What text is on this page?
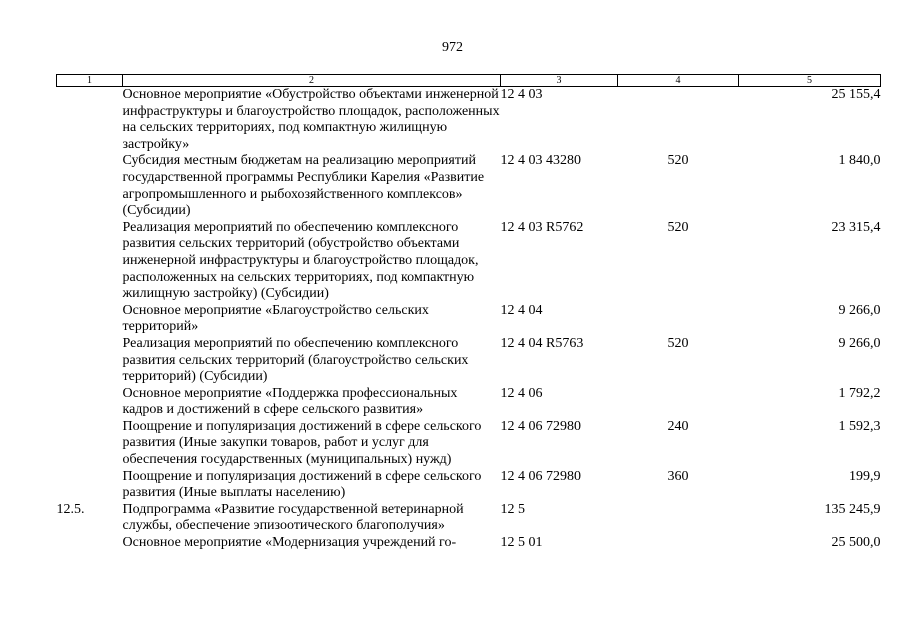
972
1	2	3	4	5
	Основное мероприятие «Обустройство объектами инженерной инфраструктуры и благоустройство площадок, расположенных на сельских территориях, под компактную жилищную застройку»	12 4 03		25 155,4
	Субсидия местным бюджетам на реализацию мероприятий государственной программы Республики Карелия «Развитие агропромышленного и рыбохозяйственного комплексов» (Субсидии)	12 4 03 43280	520	1 840,0
	Реализация мероприятий по обеспечению комплексного развития сельских территорий (обустройство объектами инженерной инфраструктуры и благоустройство площадок, расположенных на сельских территориях, под компактную жилищную застройку) (Субсидии)	12 4 03 R5762	520	23 315,4
	Основное мероприятие «Благоустройство сельских территорий»	12 4 04		9 266,0
	Реализация мероприятий по обеспечению комплексного развития сельских территорий (благоустройство сельских территорий) (Субсидии)	12 4 04 R5763	520	9 266,0
	Основное мероприятие «Поддержка профессиональных кадров и достижений в сфере сельского развития»	12 4 06		1 792,2
	Поощрение и популяризация достижений в сфере сельского развития (Иные закупки товаров, работ и услуг для обеспечения государственных (муниципальных) нужд)	12 4 06 72980	240	1 592,3
	Поощрение и популяризация достижений в сфере сельского развития (Иные выплаты населению)	12 4 06 72980	360	199,9
12.5.	Подпрограмма «Развитие государственной ветеринарной службы, обеспечение эпизоотического благополучия»	12 5		135 245,9
	Основное мероприятие «Модернизация учреждений го-	12 5 01		25 500,0
